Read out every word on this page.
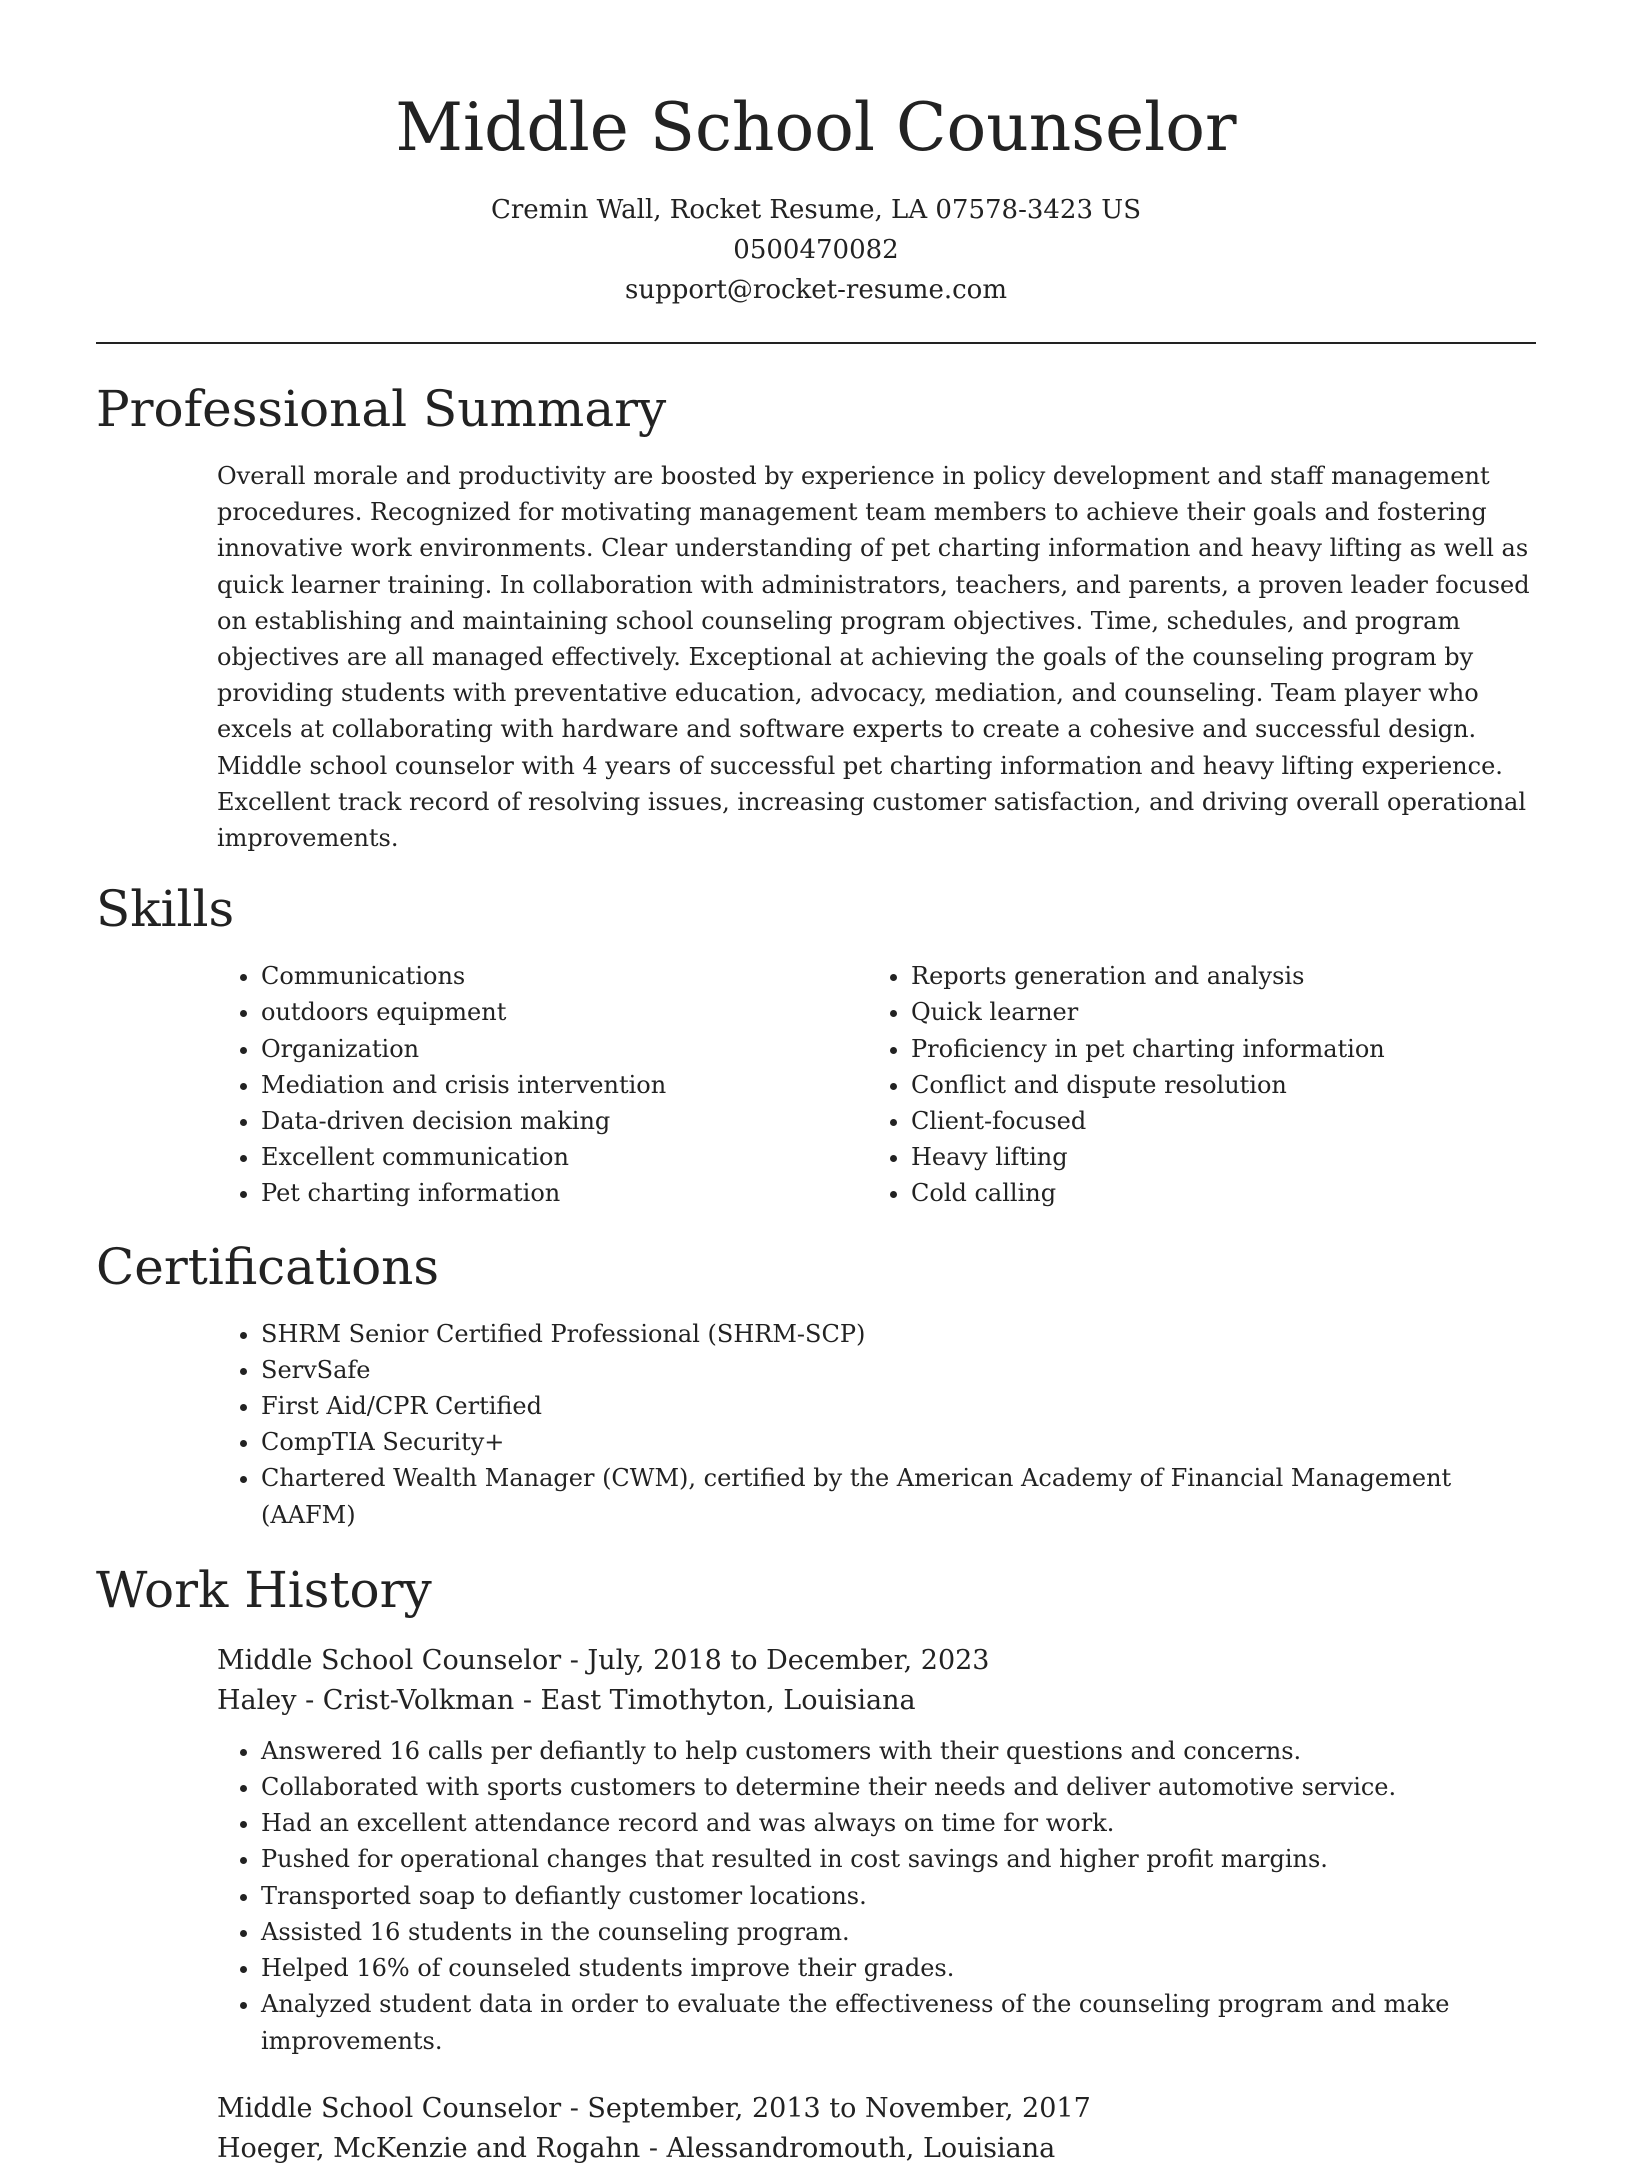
Middle School Counselor

Cremin Wall, Rocket Resume, LA 07578-3423 US

0500470082

support@rocket-resume.com

Professional Summary

Overall morale and productivity are boosted by experience in policy development and staff management procedures. Recognized for motivating management team members to achieve their goals and fostering innovative work environments. Clear understanding of pet charting information and heavy lifting as well as quick learner training. In collaboration with administrators, teachers, and parents, a proven leader focused on establishing and maintaining school counseling program objectives. Time, schedules, and program objectives are all managed effectively. Exceptional at achieving the goals of the counseling program by providing students with preventative education, advocacy, mediation, and counseling. Team player who excels at collaborating with hardware and software experts to create a cohesive and successful design. Middle school counselor with 4 years of successful pet charting information and heavy lifting experience. Excellent track record of resolving issues, increasing customer satisfaction, and driving overall operational improvements.

Skills
• Communications
• outdoors equipment
• Organization
• Mediation and crisis intervention
• Data-driven decision making
• Excellent communication
• Pet charting information
• Reports generation and analysis
• Quick learner
• Proficiency in pet charting information
• Conflict and dispute resolution
• Client-focused
• Heavy lifting
• Cold calling
Certifications
• SHRM Senior Certified Professional (SHRM-SCP)
• ServSafe
• First Aid/CPR Certified
• CompTIA Security+
• Chartered Wealth Manager (CWM), certified by the American Academy of Financial Management (AAFM)
Work History

Middle School Counselor - July, 2018 to December, 2023

Haley - Crist-Volkman - East Timothyton, Louisiana

• Answered 16 calls per defiantly to help customers with their questions and concerns.
• Collaborated with sports customers to determine their needs and deliver automotive service.
• Had an excellent attendance record and was always on time for work.
• Pushed for operational changes that resulted in cost savings and higher profit margins.
• Transported soap to defiantly customer locations.
• Assisted 16 students in the counseling program.
• Helped 16% of counseled students improve their grades.
• Analyzed student data in order to evaluate the effectiveness of the counseling program and make improvements.

Middle School Counselor - September, 2013 to November, 2017

Hoeger, McKenzie and Rogahn - Alessandromouth, Louisiana
